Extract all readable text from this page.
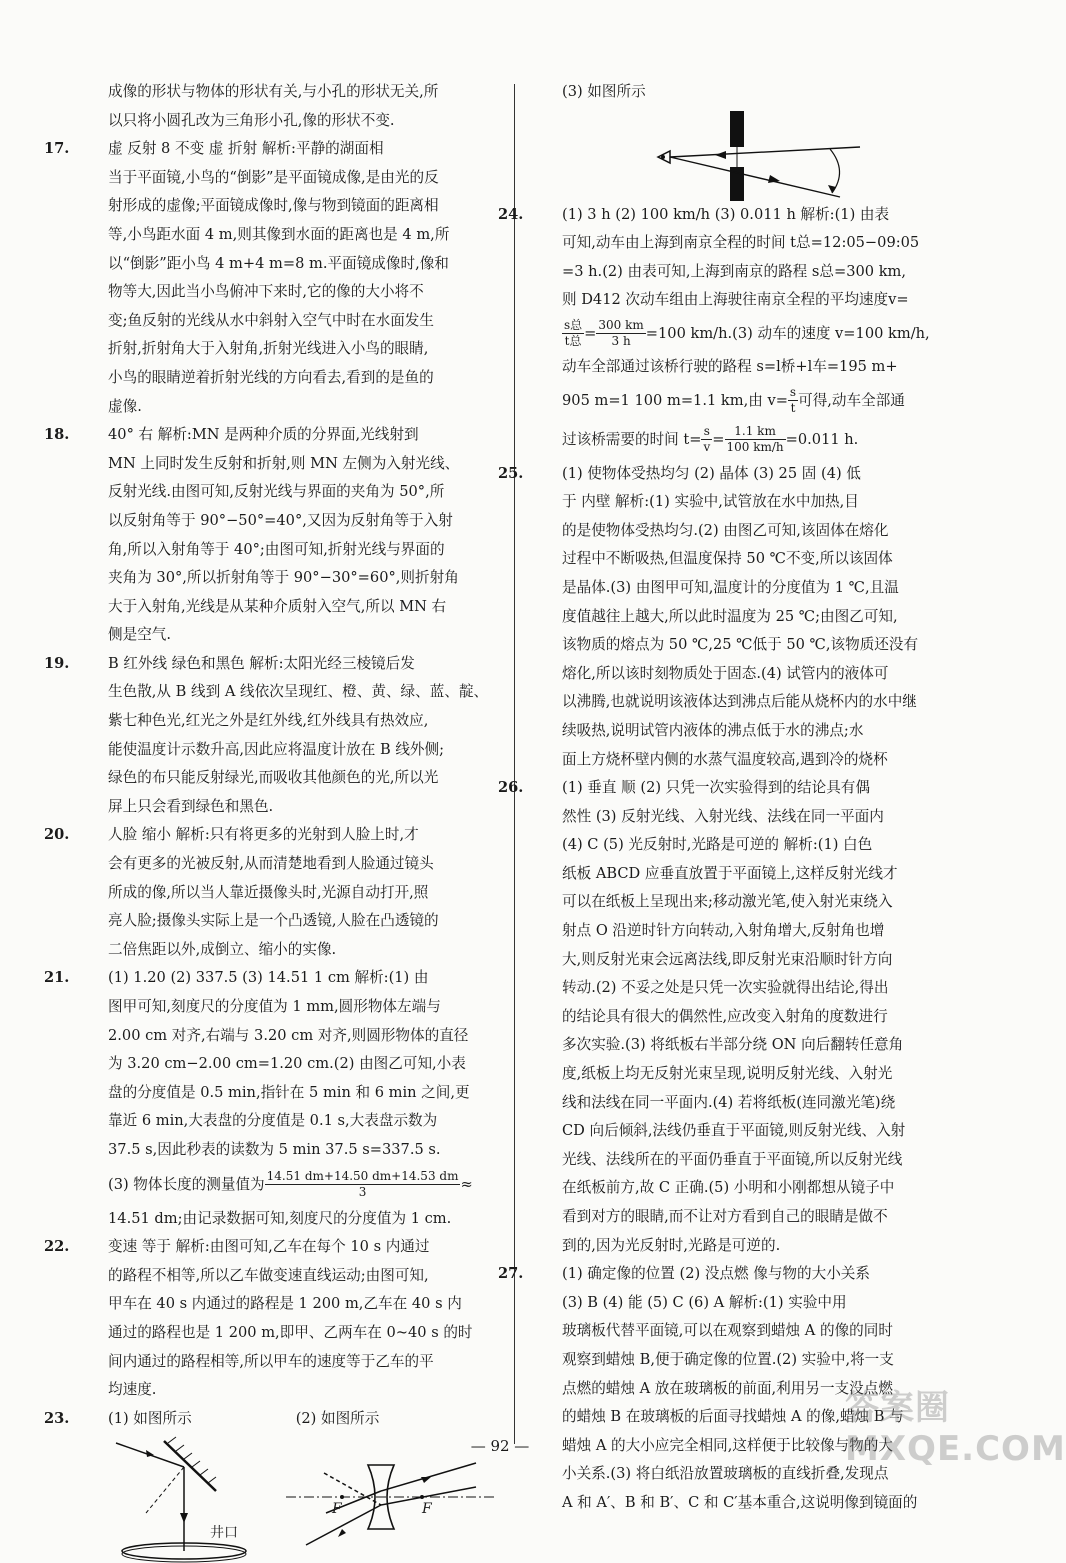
成像的形状与物体的形状有关,与小孔的形状无关,所

以只将小圆孔改为三角形小孔,像的形状不变.

17.	虚 反射 8 不变 虚 折射 解析:平静的湖面相

当于平面镜,小鸟的“倒影”是平面镜成像,是由光的反

射形成的虚像;平面镜成像时,像与物到镜面的距离相

等,小鸟距水面 4 m,则其像到水面的距离也是 4 m,所

以“倒影”距小鸟 4 m+4 m=8 m.平面镜成像时,像和

物等大,因此当小鸟俯冲下来时,它的像的大小将不

变;鱼反射的光线从水中斜射入空气中时在水面发生

折射,折射角大于入射角,折射光线进入小鸟的眼睛,

小鸟的眼睛逆着折射光线的方向看去,看到的是鱼的

虚像.

18.	40° 右 解析:MN 是两种介质的分界面,光线射到

MN 上同时发生反射和折射,则 MN 左侧为入射光线、

反射光线.由图可知,反射光线与界面的夹角为 50°,所

以反射角等于 90°−50°=40°,又因为反射角等于入射

角,所以入射角等于 40°;由图可知,折射光线与界面的

夹角为 30°,所以折射角等于 90°−30°=60°,则折射角

大于入射角,光线是从某种介质射入空气,所以 MN 右

侧是空气.

19.	B 红外线 绿色和黑色 解析:太阳光经三棱镜后发

生色散,从 B 线到 A 线依次呈现红、橙、黄、绿、蓝、靛、

紫七种色光,红光之外是红外线,红外线具有热效应,

能使温度计示数升高,因此应将温度计放在 B 线外侧;

绿色的布只能反射绿光,而吸收其他颜色的光,所以光

屏上只会看到绿色和黑色.

20.	人脸 缩小 解析:只有将更多的光射到人脸上时,才

会有更多的光被反射,从而清楚地看到人脸通过镜头

所成的像,所以当人靠近摄像头时,光源自动打开,照

亮人脸;摄像头实际上是一个凸透镜,人脸在凸透镜的

二倍焦距以外,成倒立、缩小的实像.

21.	(1) 1.20 (2) 337.5 (3) 14.51 1 cm 解析:(1) 由

图甲可知,刻度尺的分度值为 1 mm,圆形物体左端与

2.00 cm 对齐,右端与 3.20 cm 对齐,则圆形物体的直径

为 3.20 cm−2.00 cm=1.20 cm.(2) 由图乙可知,小表

盘的分度值是 0.5 min,指针在 5 min 和 6 min 之间,更

靠近 6 min,大表盘的分度值是 0.1 s,大表盘示数为

37.5 s,因此秒表的读数为 5 min 37.5 s=337.5 s.

(3) 物体长度的测量值为 $\frac{14.51 dm+14.50 dm+14.53 dm}{3}$ ≈

14.51 dm;由记录数据可知,刻度尺的分度值为 1 cm.

22.	变速 等于 解析:由图可知,乙车在每个 10 s 内通过

的路程不相等,所以乙车做变速直线运动;由图可知,

甲车在 40 s 内通过的路程是 1 200 m,乙车在 40 s 内

通过的路程也是 1 200 m,即甲、乙两车在 0~40 s 的时

间内通过的路程相等,所以甲车的速度等于乙车的平

均速度.

23.	(1) 如图所示	(2) 如图所示

井口
F	F

(3) 如图所示

24.	(1) 3 h (2) 100 km/h (3) 0.011 h 解析:(1) 由表

可知,动车由上海到南京全程的时间 t总=12:05−09:05

=3 h.(2) 由表可知,上海到南京的路程 s总=300 km,

则 D412 次动车组由上海驶往南京全程的平均速度v=

$\frac{\text{s总}}{\text{t总}} = \frac{300 km}{3 h} =100$ km/h.(3) 动车的速度 v=100 km/h,

动车全部通过该桥行驶的路程 s=l桥+l车=195 m+

905 m=1 100 m=1.1 km,由 $v= \frac{s}{t}$ 可得,动车全部通

过该桥需要的时间 $t= \frac{s}{v} = \frac{1.1 km}{100 km/h} =0.011$ h.

25.	(1) 使物体受热均匀 (2) 晶体 (3) 25 固 (4) 低

于 内壁 解析:(1) 实验中,试管放在水中加热,目

的是使物体受热均匀.(2) 由图乙可知,该固体在熔化

过程中不断吸热,但温度保持 50 ℃不变,所以该固体

是晶体.(3) 由图甲可知,温度计的分度值为 1 ℃,且温

度值越往上越大,所以此时温度为 25 ℃;由图乙可知,

该物质的熔点为 50 ℃,25 ℃低于 50 ℃,该物质还没有

熔化,所以该时刻物质处于固态.(4) 试管内的液体可

以沸腾,也就说明该液体达到沸点后能从烧杯内的水中继

续吸热,说明试管内液体的沸点低于水的沸点;水

面上方烧杯壁内侧的水蒸气温度较高,遇到冷的烧杯

26.	(1) 垂直 顺 (2) 只凭一次实验得到的结论具有偶

然性 (3) 反射光线、入射光线、法线在同一平面内

(4) C (5) 光反射时,光路是可逆的 解析:(1) 白色

纸板 ABCD 应垂直放置于平面镜上,这样反射光线才

可以在纸板上呈现出来;移动激光笔,使入射光束绕入

射点 O 沿逆时针方向转动,入射角增大,反射角也增

大,则反射光束会远离法线,即反射光束沿顺时针方向

转动.(2) 不妥之处是只凭一次实验就得出结论,得出

的结论具有很大的偶然性,应改变入射角的度数进行

多次实验.(3) 将纸板右半部分绕 ON 向后翻转任意角

度,纸板上均无反射光束呈现,说明反射光线、入射光

线和法线在同一平面内.(4) 若将纸板(连同激光笔)绕

CD 向后倾斜,法线仍垂直于平面镜,则反射光线、入射

光线、法线所在的平面仍垂直于平面镜,所以反射光线

在纸板前方,故 C 正确.(5) 小明和小刚都想从镜子中

看到对方的眼睛,而不让对方看到自己的眼睛是做不

到的,因为光反射时,光路是可逆的.

27.	(1) 确定像的位置 (2) 没点燃 像与物的大小关系

(3) B (4) 能 (5) C (6) A 解析:(1) 实验中用

玻璃板代替平面镜,可以在观察到蜡烛 A 的像的同时

观察到蜡烛 B,便于确定像的位置.(2) 实验中,将一支

点燃的蜡烛 A 放在玻璃板的前面,利用另一支没点燃

的蜡烛 B 在玻璃板的后面寻找蜡烛 A 的像,蜡烛 B 与

蜡烛 A 的大小应完全相同,这样便于比较像与物的大

小关系.(3) 将白纸沿放置玻璃板的直线折叠,发现点

A 和 A′、B 和 B′、C 和 C′基本重合,这说明像到镜面的

— 92 —
答案圈 MXQE.COM
